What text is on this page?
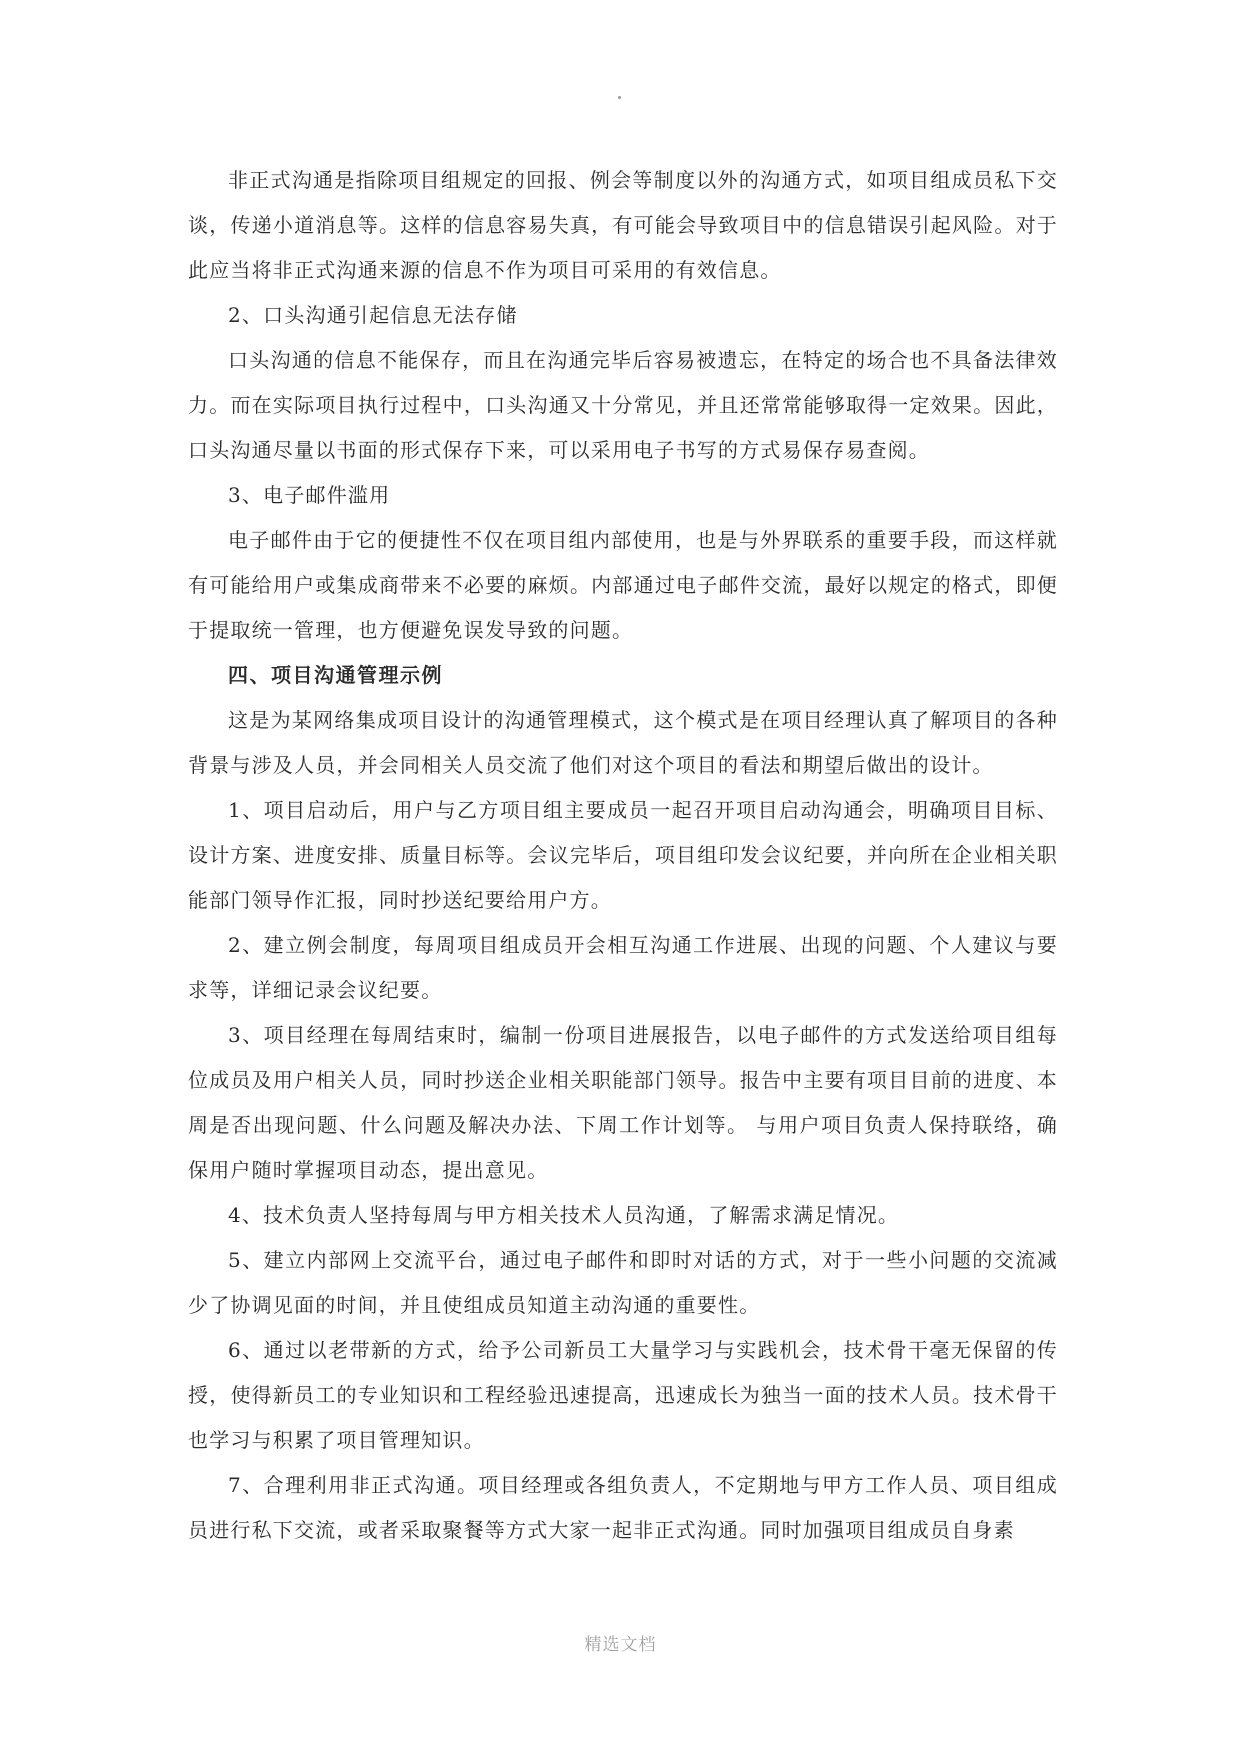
非正式沟通是指除项目组规定的回报、例会等制度以外的沟通方式，如项目组成员私下交谈，传递小道消息等。这样的信息容易失真，有可能会导致项目中的信息错误引起风险。对于此应当将非正式沟通来源的信息不作为项目可采用的有效信息。

2、口头沟通引起信息无法存储

口头沟通的信息不能保存，而且在沟通完毕后容易被遗忘，在特定的场合也不具备法律效力。而在实际项目执行过程中，口头沟通又十分常见，并且还常常能够取得一定效果。因此，口头沟通尽量以书面的形式保存下来，可以采用电子书写的方式易保存易查阅。

3、电子邮件滥用

电子邮件由于它的便捷性不仅在项目组内部使用，也是与外界联系的重要手段，而这样就有可能给用户或集成商带来不必要的麻烦。内部通过电子邮件交流，最好以规定的格式，即便于提取统一管理，也方便避免误发导致的问题。

四、项目沟通管理示例

这是为某网络集成项目设计的沟通管理模式，这个模式是在项目经理认真了解项目的各种背景与涉及人员，并会同相关人员交流了他们对这个项目的看法和期望后做出的设计。

1、项目启动后，用户与乙方项目组主要成员一起召开项目启动沟通会，明确项目目标、设计方案、进度安排、质量目标等。会议完毕后，项目组印发会议纪要，并向所在企业相关职能部门领导作汇报，同时抄送纪要给用户方。

2、建立例会制度，每周项目组成员开会相互沟通工作进展、出现的问题、个人建议与要求等，详细记录会议纪要。

3、项目经理在每周结束时，编制一份项目进展报告，以电子邮件的方式发送给项目组每位成员及用户相关人员，同时抄送企业相关职能部门领导。报告中主要有项目目前的进度、本周是否出现问题、什么问题及解决办法、下周工作计划等。 与用户项目负责人保持联络，确保用户随时掌握项目动态，提出意见。

4、技术负责人坚持每周与甲方相关技术人员沟通，了解需求满足情况。

5、建立内部网上交流平台，通过电子邮件和即时对话的方式，对于一些小问题的交流减少了协调见面的时间，并且使组成员知道主动沟通的重要性。

6、通过以老带新的方式，给予公司新员工大量学习与实践机会，技术骨干毫无保留的传授，使得新员工的专业知识和工程经验迅速提高，迅速成长为独当一面的技术人员。技术骨干也学习与积累了项目管理知识。

7、合理利用非正式沟通。项目经理或各组负责人，不定期地与甲方工作人员、项目组成员进行私下交流，或者采取聚餐等方式大家一起非正式沟通。同时加强项目组成员自身素

精选文档
